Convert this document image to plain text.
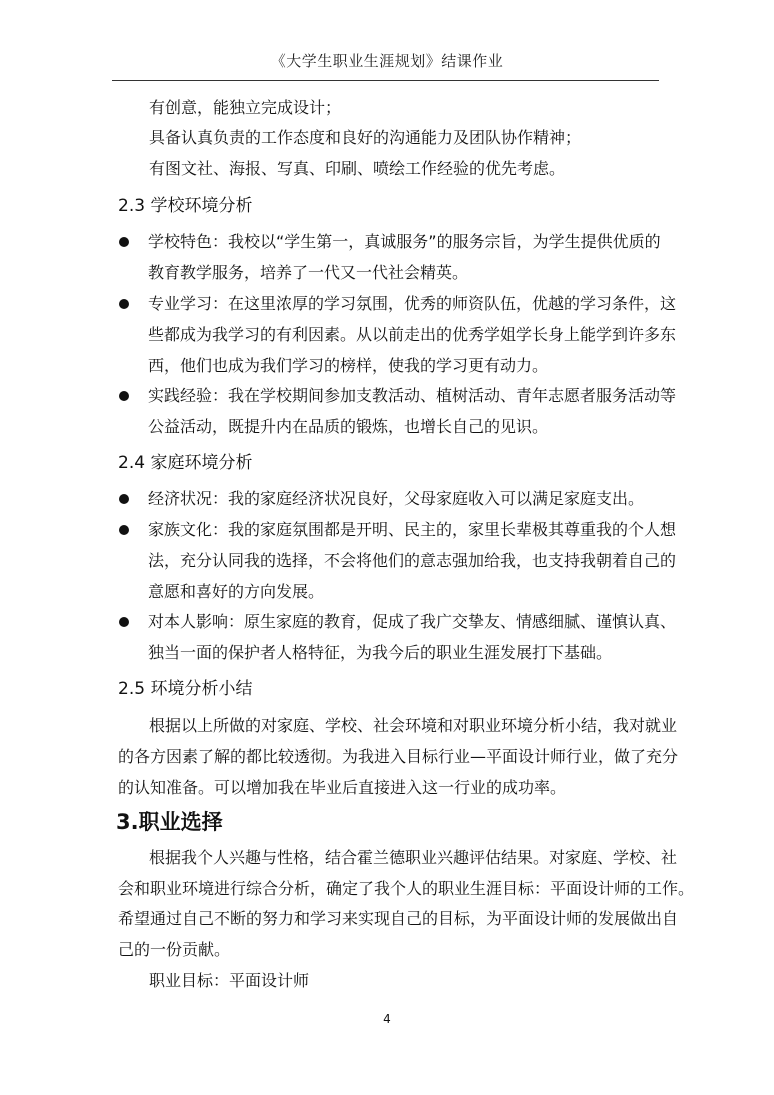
《大学生职业生涯规划》结课作业
有创意，能独立完成设计；
具备认真负责的工作态度和良好的沟通能力及团队协作精神；
有图文社、海报、写真、印刷、喷绘工作经验的优先考虑。
2.3 学校环境分析
学校特色：我校以“学生第一，真诚服务”的服务宗旨，为学生提供优质的
教育教学服务，培养了一代又一代社会精英。
专业学习：在这里浓厚的学习氛围，优秀的师资队伍，优越的学习条件，这
些都成为我学习的有利因素。从以前走出的优秀学姐学长身上能学到许多东
西，他们也成为我们学习的榜样，使我的学习更有动力。
实践经验：我在学校期间参加支教活动、植树活动、青年志愿者服务活动等
公益活动，既提升内在品质的锻炼，也增长自己的见识。
2.4 家庭环境分析
经济状况：我的家庭经济状况良好，父母家庭收入可以满足家庭支出。
家族文化：我的家庭氛围都是开明、民主的，家里长辈极其尊重我的个人想
法，充分认同我的选择，不会将他们的意志强加给我，也支持我朝着自己的
意愿和喜好的方向发展。
对本人影响：原生家庭的教育，促成了我广交挚友、情感细腻、谨慎认真、
独当一面的保护者人格特征，为我今后的职业生涯发展打下基础。
2.5 环境分析小结
根据以上所做的对家庭、学校、社会环境和对职业环境分析小结，我对就业
的各方因素了解的都比较透彻。为我进入目标行业—平面设计师行业，做了充分
的认知准备。可以增加我在毕业后直接进入这一行业的成功率。
3.职业选择
根据我个人兴趣与性格，结合霍兰德职业兴趣评估结果。对家庭、学校、社
会和职业环境进行综合分析，确定了我个人的职业生涯目标：平面设计师的工作。
希望通过自己不断的努力和学习来实现自己的目标，为平面设计师的发展做出自
己的一份贡献。
职业目标：平面设计师
4
